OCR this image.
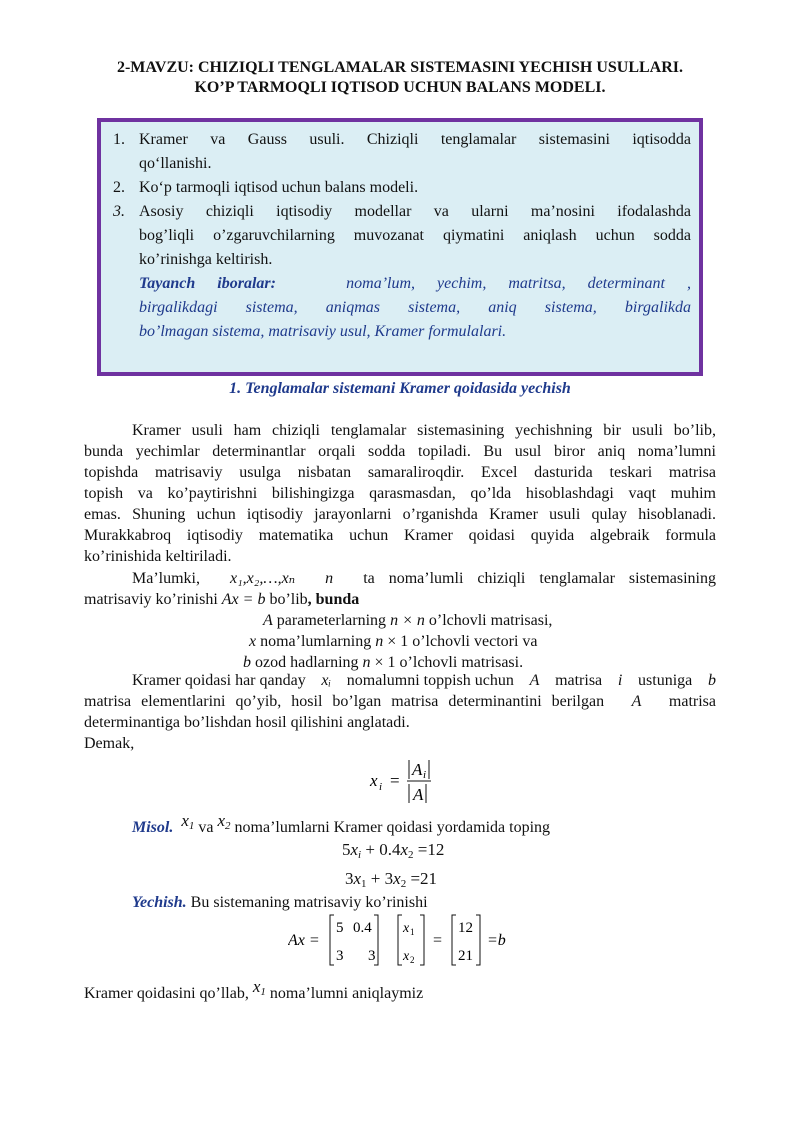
2-MAVZU: CHIZIQLI TENGLAMALAR SISTEMASINI YECHISH USULLARI.
KO’P TARMOQLI IQTISOD UCHUN BALANS MODELI.
1. Kramer va Gauss usuli. Chiziqli tenglamalar sistemasini iqtisodda
qo‘llanishi.
2. Ko‘p tarmoqli iqtisod uchun balans modeli.
3. Asosiy chiziqli iqtisodiy modellar va ularni ma’nosini ifodalashda
bog’liqli o’zgaruvchilarning muvozanat qiymatini aniqlash uchun sodda
ko’rinishga keltirish.
Tayanch iboralar:	noma’lum, yechim, matritsa, determinant ,
birgalikdagi sistema, aniqmas sistema, aniq sistema, birgalikda
bo’lmagan sistema, matrisaviy usul, Kramer formulalari.
1. Tenglamalar sistemani Kramer qoidasida yechish
Kramer usuli ham chiziqli tenglamalar sistemasining yechishning bir usuli bo’lib,
bunda yechimlar determinantlar orqali sodda topiladi. Bu usul biror aniq noma’lumni
topishda matrisaviy usulga nisbatan samaraliroqdir. Excel dasturida teskari matrisa
topish va ko’paytirishni bilishingizga qarasmasdan, qo’lda hisoblashdagi vaqt muhim
emas. Shuning uchun iqtisodiy jarayonlarni o’rganishda Kramer usuli qulay hisoblanadi.
Murakkabroq iqtisodiy matematika uchun Kramer qoidasi quyida algebraik formula
ko’rinishida keltiriladi.
Ma’lumki, x₁,x₂,…,xₙ n ta noma’lumli chiziqli tenglamalar sistemasining
matrisaviy ko’rinishi Ax = b bo’lib, bunda
A parameterlarning n × n o’lchovli matrisasi,
x noma’lumlarning n × 1 o’lchovli vectori va
b ozod hadlarning n × 1 o’lchovli matrisasi.
Kramer qoidasi har qanday xᵢ nomalumni toppish uchun A matrisa i ustuniga b
matrisa elementlarini qo’yib, hosil bo’lgan matrisa determinantini berilgan A matrisa
determinantiga bo’lishdan hosil qilishini anglatadi.
Demak,
x i =
A i
A
Misol. $x_1$ va $x_2$ noma’lumlarni Kramer qoidasi yordamida toping
$5x_i + 0.4x_2 =12$
$3x_1 + 3x_2 =21$
Yechish. Bu sistemaning matrisaviy ko’rinishi
Ax =
5 0.4
3 3
x 1
x 2
=
12
21
=b
Kramer qoidasini qo’llab, $x_1$ noma’lumni aniqlaymiz
